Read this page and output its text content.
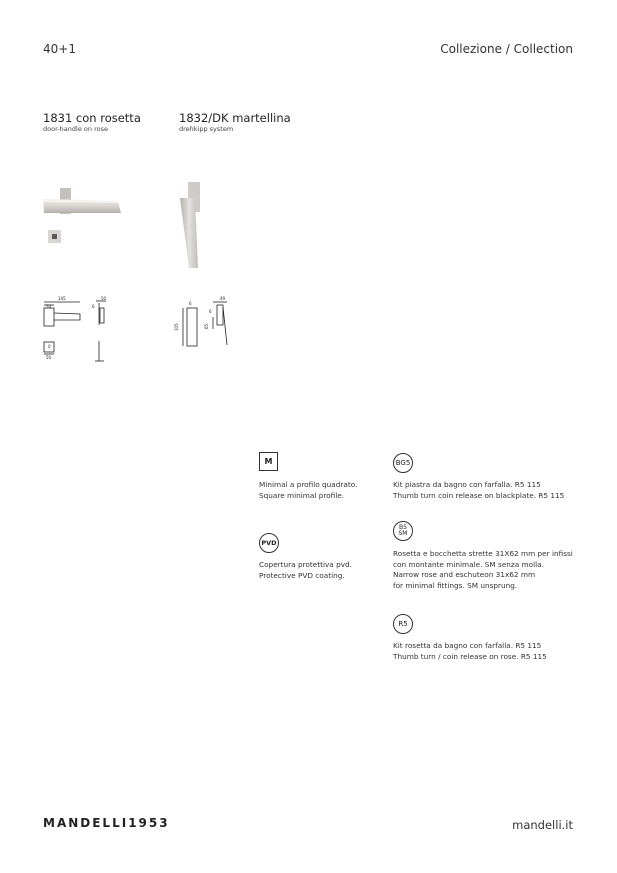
40+1	Collezione / Collection
1831 con rosetta
door-handle on rose
1832/DK martellina
drehkipp system
145
50
50
6
0
50
49
105	65
6
6
M
Minimal a profilo quadrato.
Square minimal profile.
PVD
Copertura protettiva pvd.
Protective PVD coating.
BG5
Kit piastra da bagno con farfalla. R5 115
Thumb turn coin release on blackplate. R5 115
B5
SM
Rosetta e bocchetta strette 31X62 mm per infissi
con montante minimale. SM senza molla.
Narrow rose and eschuteon 31x62 mm
for minimal fittings. SM unsprung.
R5
Kit rosetta da bagno con farfalla. R5 115
Thumb turn / coin release on rose. R5 115
MANDELLI1953	mandelli.it
